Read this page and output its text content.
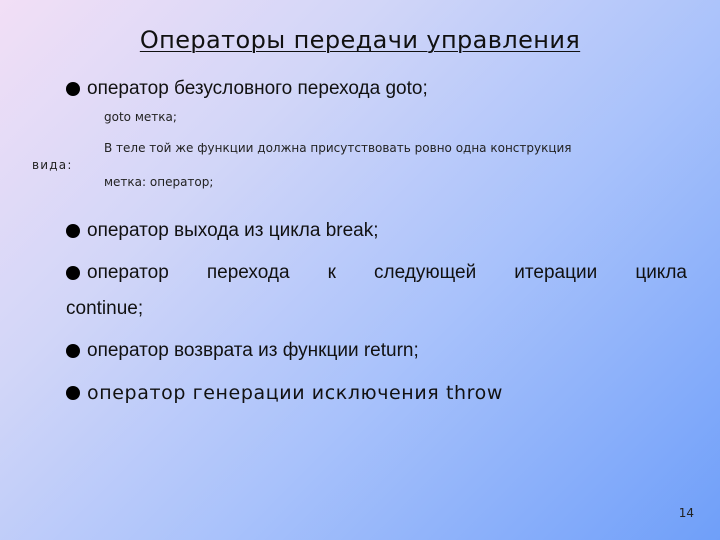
Операторы передачи управления
оператор безусловного перехода goto;
goto метка;
В теле той же функции должна присутствовать ровно одна конструкция
вида:
метка: оператор;
оператор выхода из цикла break;
оператор перехода к следующей итерации цикла
continue;
оператор возврата из функции return;
оператор генерации исключения throw
14
